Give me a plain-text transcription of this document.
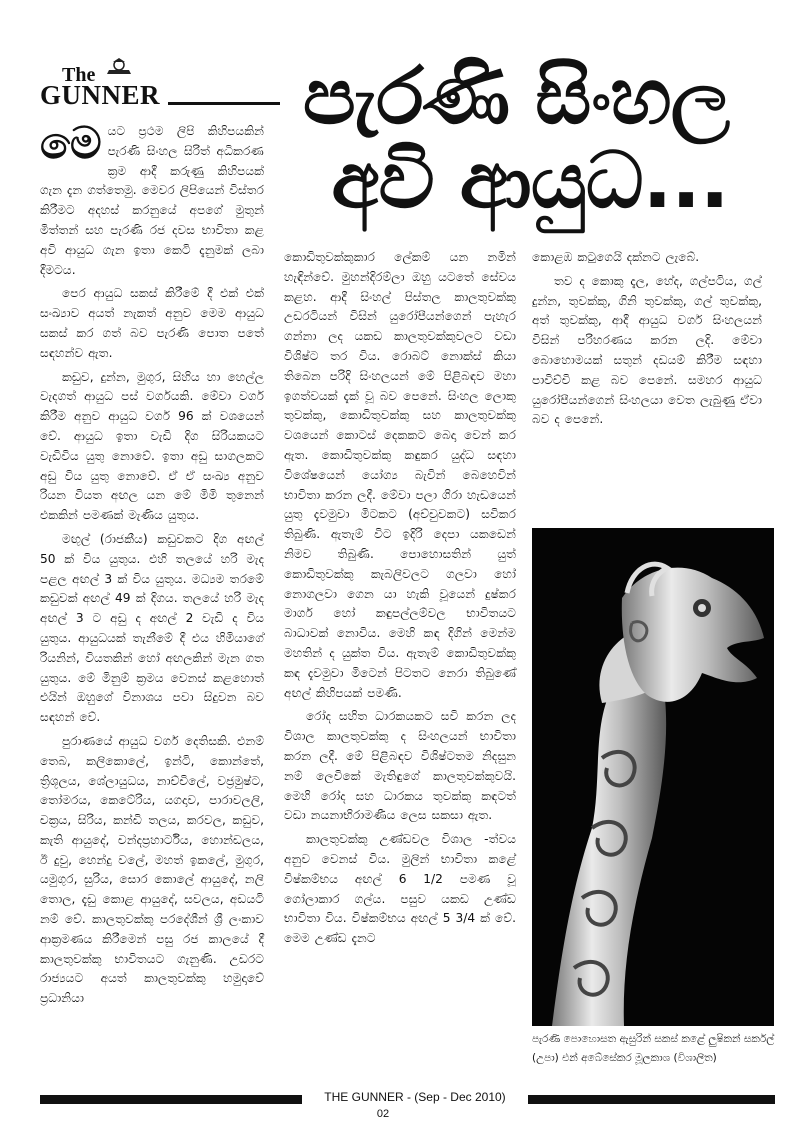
The
GUNNER	පැරණි සිංහල
අවි ආයුධ...

මෙයට ප්‍රථම ලිපි කිහිපයකින් පැරණි සිංහල සිරිත් අධිකරණ ක්‍රම ආදී කරුණු කිහිපයක් ගැන දැන ගත්තෙමු. මෙවර ලිපියෙන් විස්තර කිරීමට අදහස් කරනුයේ අපගේ මුතුන් මිත්තන් සහ පැරණි රජ දවස භාවිතා කළ අවි ආයුධ ගැන ඉතා කෙටි දැනුමක් ලබා දීමටය.

පෙර ආයුධ සකස් කිරීමේ දී එක් එක් සංඛ්‍යාව අයත් නැකත් අනුව මෙම ආයුධ සකස් කර ගත් බව පැරණි පොත පතේ සඳහන්ව ඇත.

කඩුව, දුන්න, මුගුර, සිහිය හා හෙල්ල වැදගත් ආයුධ පස් වර්ගයකි. මේවා වර්ග කිරීම අනුව ආයුධ වර්ග 96 ක් වශයෙන් වේ. ආයුධ ඉතා වැඩි දිග සිරියකයට වැඩිවිය යුතු නොවේ. ඉතා අඩු සාගලකට අඩු විය යුතු නොවේ. ඒ ඒ සංඛ්‍ය අනුව රියන වියත අඟල යන මේ මිමි තුනෙන් එකකින් පමණක් මැණිය යුතුය.

මඟුල් (රාජකීය) කඩුවකට දිග අඟල් 50 ක් විය යුතුය. එහි තලයේ හරි මැද පළල අඟල් 3 ක් විය යුතුය. මධ්‍යම තරමේ කඩුවක් අඟල් 49 ක් දිගය. තලයේ හරි මැද අඟල් 3 ට අඩු ද අඟල් 2 වැඩි ද විය යුතුය. ආයුධයක් තැනීමේ දී එය හිමියාගේ රියනින්, වියතකින් හෝ අඟලකින් මැන ගත යුතුය. මේ මිනුම් ක්‍රමය වෙනස් කළහොත් එයින් ඔහුගේ විනාශය පවා සිදුවන බව සඳහන් වේ.

පුරාණයේ ආයුධ වර්ග දෙතිසකි. එනම් තෙබ, කලිකොලේ, ඉන්ටි, කොන්තේ, ත්‍රිශූලය, ශේලායුධය, නාච්චිලේ, වජ්‍රමුෂ්ට, තෝමරය, කෙටේරිය, යගදාව, පාරාවලලි, චක්‍රය, සිරිය, කන්ඩි තලය, කරවල, කඩුව, කැති ආයුදේ, චන්දප්‍රහාර්ටිය, හොන්ඩලය, ඊ දුවු, හෙන්දු වලේ, මහත් ඉකලේ, මුගුර, යමුගුර, සුරිය, සොර කොලේ ආයුදේ, නලි තොල, දැඩු කොළ ආයුදේ, සවලය, අඩයටි නම් වේ. කාලතුවක්කු පරදේශීන් ශ්‍රී ලංකාව ආක්‍රමණය කිරීමෙන් පසු රජ කාලයේ දී කාලතුවක්කු භාවිතයට ගැනුණි. උඩරට රාජ්‍යයට අයත් කාලතුවක්කු හමුදාවේ ප්‍රධානියා

කොඩිතුවක්කුකාර ලේකම් යන නමින් හැඳින්වේ. මුහන්දිරම්ලා ඔහු යටතේ සේවය කළහ. ආදී සිංහල් පිස්තල කාලතුවක්කු උඩරටියන් විසින් යුරෝපීයන්ගෙන් පැහැර ගන්නා ලද යකඩ කාලතුවක්කුවලට වඩා විශිෂ්ට තර විය. රොබට් නොක්ස් කියා තිබෙන පරිදි සිංහලයන් මේ පිළිබඳව මහා ඉගත්වයක් දැක් වූ බව පෙනේ. සිංහල ලොකු තුවක්කු, කොඩිතුවක්කු සහ කාලතුවක්කු වශයෙන් කොටස් දෙකකට බෙදා වෙන් කර ඇත. කොඩිතුවක්කු කඳුකර යුද්ධ සඳහා විශේෂයෙන් යෝග්‍ය බැවින් බෙහෙවින් භාවිතා කරන ලදී. මේවා පලා ගිරා හැඩයෙන් යුතු දැවමුවා මිටකට (අච්චුවකට) සවිකර තිබුණි. ඇතැම් විට ඉදිරි දෙපා යකඩෙන් නිමව තිබුණි. පොහොසතින් යුත් කොඩිතුවක්කු කැබලිවලට ගලවා හෝ නොගලවා ගෙන යා හැකි වූයෙන් දුෂ්කර මාර්ග හෝ කඳුපල්ලම්වල භාවිතයට බාධාවක් නොවිය. මෙහි කඳ දිගින් මෙන්ම මහතින් ද යුක්ත විය. ඇතැම් කොඩිතුවක්කු කඳ දැවමුවා මිටෙන් පිටතට නෙරා තිබුණේ අඟල් කිහිපයක් පමණි.

රෝද සහිත ධාරකයකට සවි කරන ලද විශාල කාලතුවක්කු ද සිංහලයන් භාවිතා කරන ලදී. මේ පිළිබඳව විශිෂ්ටතම නිදසුන නම් ලෙවිකේ මැතිඳුගේ කාලතුවක්කුවයි. මෙහි රෝද සහ ධාරකය තුවක්කු කඳටත් වඩා නයනාභිරාමණීය ලෙස සකසා ඇත.

කාලතුවක්කු උණ්ඩවල විශාල -ත්වය අනුව වෙනස් විය. මුලින් භාවිතා කළේ විෂ්කම්භය අඟල් 6 1/2 පමණ වූ ගෝලාකාර ගල්ය. පසුව යකඩ උණ්ඩ භාවිතා විය. විෂ්කම්භය අඟල් 5 3/4 ක් වේ. මෙම උණ්ඩ දැනට

කොළඹ කටුගෙයි දක්නට ලැබේ.

තව ද කොකු දැල, හේද, ගල්පටිය, ගල් දුන්න, තුවක්කු, ගිනි තුවක්කු, ගල් තුවක්කු, අත් තුවක්කු, ආදී ආයුධ වර්ග සිංහලයන් විසින් පරිහරණය කරන ලදි. මේවා බොහොමයක් සතුන් දඩයම් කිරීම සඳහා පාවිච්චි කළ බව පෙනේ. සමහර ආයුධ යුරෝපීයන්ගෙන් සිංහලයා වෙත ලැබුණු ඒවා බව ද පෙනේ.

පැරණි පොහොසත ඇසුරින් සකස් කළේ ලුෂිකන් සර්කල් (උපා) එන් අබේසේකර මූලකාශ (විශාලිත)
THE GUNNER - (Sep - Dec 2010)
02
